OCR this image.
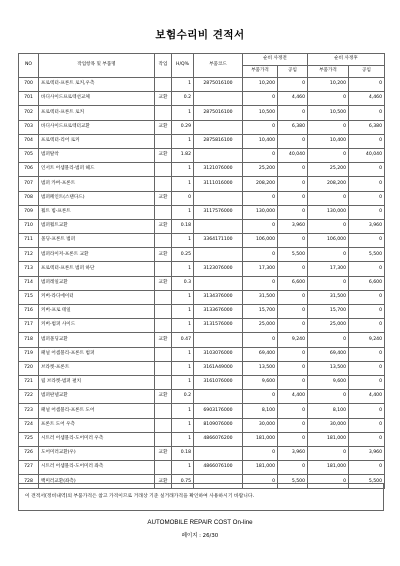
보험수리비 견적서
NO	작업항목 및 부품명	작업	H/Q%	부품코드	순비 사정전		순비 사정후	
					부품가격	공임	부품가격	공임
700	프로텍터-프론트 로커,우측		1	2875016100	10,200	0	10,200	0
701	바디사이드프로텍션교체	교환	0.2		0	4,460	0	4,460
702	프로텍터-프론트 로커		1	2875016100	10,500	0	10,500	0
703	바디사이드프로텍터교환	교환	0.29		0	6,380	0	6,380
704	프로텍터-리어 로커		1	2875816100	10,400	0	10,400	0
705	범퍼탈착	교환	1.82		0	40,040	0	40,040
706	인서트 어셈블리-범퍼 헤드		1	3121076000	25,200	0	25,200	0
707	범퍼 카버-프론트		1	3111016000	208,200	0	208,200	0
708	범퍼페인트(스탠다드)	교환	0		0	0	0	0
709	휠트 빔-프론트		1	3117576000	130,000	0	130,000	0
710	범퍼휠트교환	교환	0.18		0	3,960	0	3,960
711	몰딩-프론트 범퍼		1	3364171100	106,000	0	106,000	0
712	범퍼라이저-프론트 교환	교환	0.25		0	5,500	0	5,500
713	프로텍터-프론트 범퍼 하단		1	3123076000	17,300	0	17,300	0
714	범퍼레일교환	교환	0.3		0	6,600	0	6,600
715	커버-라디에이터		1	3134376000	31,500	0	31,500	0
716	커버-프로 테일		1	3133676000	15,700	0	15,700	0
717	커버-범퍼 사이드		1	3131576000	25,000	0	25,000	0
718	범퍼몰딩교환	교환	0.47		0	9,240	0	9,240
719	패널 어셈블리-프론트 범퍼		1	3103076000	69,400	0	69,400	0
720	브라켓-프론트		1	3161A49000	13,500	0	13,500	0
721	립 브라켓-범퍼 펼치		1	3161076000	9,600	0	9,600	0
722	범퍼판넬교환	교환	0.2		0	4,400	0	4,400
723	패널 어셈블리-프론트 도어		1	6903176000	8,100	0	8,100	0
724	프론트 도어 우측		1	8109076000	30,000	0	30,000	0
725	시트러 어셈블리-도어미러 우측		1	4866076200	181,000	0	181,000	0
726	도어미러교환(우)	교환	0.18		0	3,960	0	3,960
727	시트러 어셈블리-도어미러 좌측		1	4866076100	181,000	0	181,000	0
728	백미러교환(좌측)	교환	0.75		0	5,500	0	5,500
이 견적서(정비내역)의 부품가격은 참고 가격이므로 거래상 기준 실거래가격을 확인하여 사용하시기 바랍니다.
AUTOMOBILE REPAIR COST On-line
페이지 : 26/30
